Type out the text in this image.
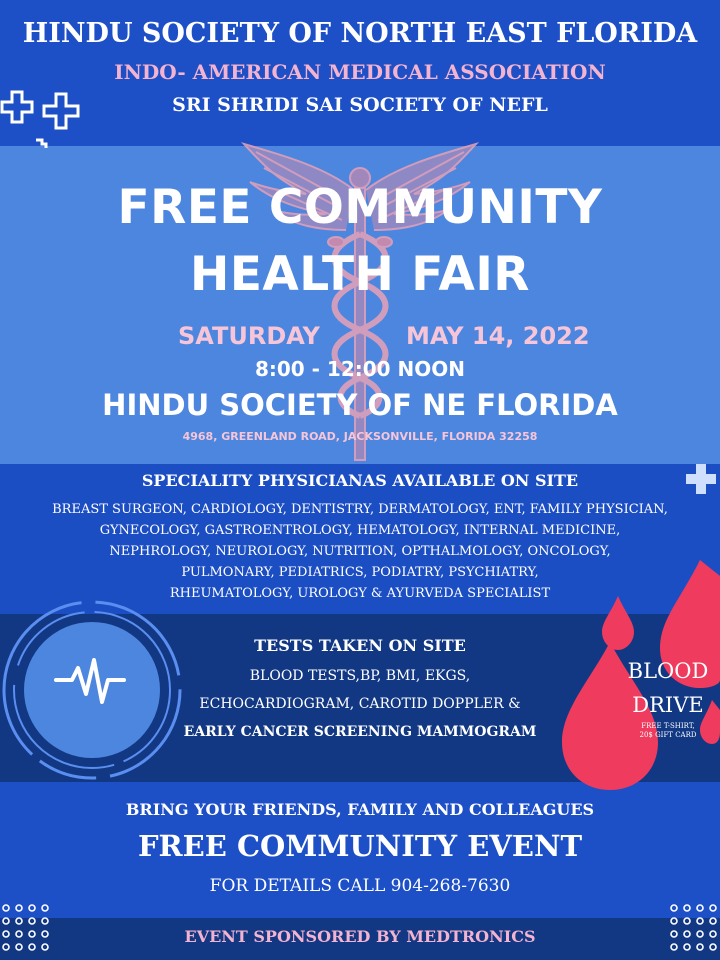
HINDU SOCIETY OF NORTH EAST FLORIDA
INDO- AMERICAN MEDICAL ASSOCIATION
SRI SHRIDI SAI SOCIETY OF NEFL
FREE COMMUNITY
HEALTH FAIR
SATURDAY	MAY 14, 2022
8:00 - 12:00 NOON
HINDU SOCIETY OF NE FLORIDA
4968, GREENLAND ROAD, JACKSONVILLE, FLORIDA 32258
SPECIALITY PHYSICIANAS AVAILABLE ON SITE
BREAST SURGEON, CARDIOLOGY, DENTISTRY, DERMATOLOGY, ENT, FAMILY PHYSICIAN,
GYNECOLOGY, GASTROENTROLOGY, HEMATOLOGY, INTERNAL MEDICINE,
NEPHROLOGY, NEUROLOGY, NUTRITION, OPTHALMOLOGY, ONCOLOGY,
PULMONARY, PEDIATRICS, PODIATRY, PSYCHIATRY,
RHEUMATOLOGY, UROLOGY & AYURVEDA SPECIALIST
TESTS TAKEN ON SITE
BLOOD TESTS,BP, BMI, EKGS,
ECHOCARDIOGRAM, CAROTID DOPPLER &
EARLY CANCER SCREENING MAMMOGRAM
BLOOD
DRIVE
FREE T-SHIRT,
20$ GIFT CARD
BRING YOUR FRIENDS, FAMILY AND COLLEAGUES
FREE COMMUNITY EVENT
FOR DETAILS CALL 904-268-7630
EVENT SPONSORED BY MEDTRONICS
